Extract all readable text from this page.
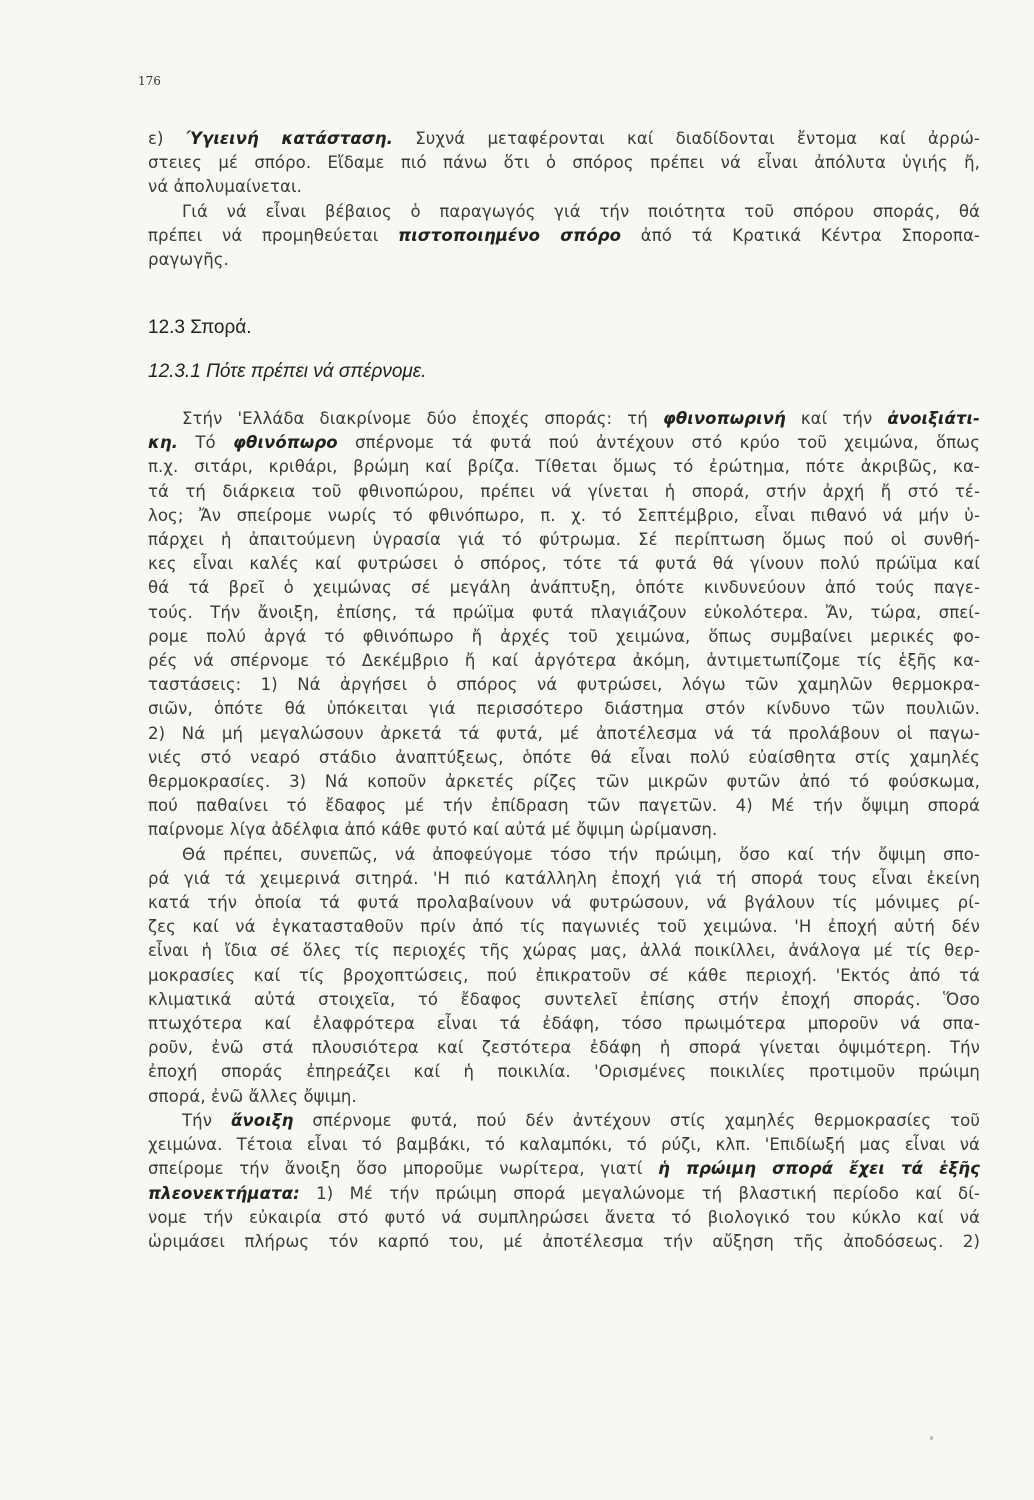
176
ε) Ύγιεινή κατάσταση. Συχνά μεταφέρονται καί διαδίδονται ἔντομα καί ἀρρώ-
στειες μέ σπόρο. Εἴδαμε πιό πάνω ὅτι ὁ σπόρος πρέπει νά εἶναι ἀπόλυτα ὑγιής ἤ,
νά ἀπολυμαίνεται.
Γιά νά εἶναι βέβαιος ὁ παραγωγός γιά τήν ποιότητα τοῦ σπόρου σποράς, θά
πρέπει νά προμηθεύεται πιστοποιημένο σπόρο ἀπό τά Κρατικά Κέντρα Σποροπα-
ραγωγῆς.
12.3 Σπορά.
12.3.1 Πότε πρέπει νά σπέρνομε.
Στήν 'Ελλάδα διακρίνομε δύο ἐποχές σποράς: τή φθινοπωρινή καί τήν ἀνοιξιάτι-
κη. Τό φθινόπωρο σπέρνομε τά φυτά πού ἀντέχουν στό κρύο τοῦ χειμώνα, ὅπως
π.χ. σιτάρι, κριθάρι, βρώμη καί βρίζα. Τίθεται ὅμως τό ἐρώτημα, πότε ἀκριβῶς, κα-
τά τή διάρκεια τοῦ φθινοπώρου, πρέπει νά γίνεται ἡ σπορά, στήν ἀρχή ἤ στό τέ-
λος; Ἄν σπείρομε νωρίς τό φθινόπωρο, π. χ. τό Σεπτέμβριο, εἶναι πιθανό νά μήν ὑ-
πάρχει ἡ ἀπαιτούμενη ὑγρασία γιά τό φύτρωμα. Σέ περίπτωση ὅμως πού οἱ συνθή-
κες εἶναι καλές καί φυτρώσει ὁ σπόρος, τότε τά φυτά θά γίνουν πολύ πρώϊμα καί
θά τά βρεῖ ὁ χειμώνας σέ μεγάλη ἀνάπτυξη, ὁπότε κινδυνεύουν ἀπό τούς παγε-
τούς. Τήν ἄνοιξη, ἐπίσης, τά πρώϊμα φυτά πλαγιάζουν εὐκολότερα. Ἄν, τώρα, σπεί-
ρομε πολύ ἀργά τό φθινόπωρο ἤ ἀρχές τοῦ χειμώνα, ὅπως συμβαίνει μερικές φο-
ρές νά σπέρνομε τό Δεκέμβριο ἤ καί ἀργότερα ἀκόμη, ἀντιμετωπίζομε τίς ἑξῆς κα-
ταστάσεις: 1) Νά ἀργήσει ὁ σπόρος νά φυτρώσει, λόγω τῶν χαμηλῶν θερμοκρα-
σιῶν, ὁπότε θά ὑπόκειται γιά περισσότερο διάστημα στόν κίνδυνο τῶν πουλιῶν.
2) Νά μή μεγαλώσουν ἀρκετά τά φυτά, μέ ἀποτέλεσμα νά τά προλάβουν οἱ παγω-
νιές στό νεαρό στάδιο ἀναπτύξεως, ὁπότε θά εἶναι πολύ εὐαίσθητα στίς χαμηλές
θερμοκρασίες. 3) Νά κοποῦν ἀρκετές ρίζες τῶν μικρῶν φυτῶν ἀπό τό φούσκωμα,
πού παθαίνει τό ἔδαφος μέ τήν ἐπίδραση τῶν παγετῶν. 4) Μέ τήν ὄψιμη σπορά
παίρνομε λίγα ἀδέλφια ἀπό κάθε φυτό καί αὐτά μέ ὄψιμη ὡρίμανση.
Θά πρέπει, συνεπῶς, νά ἀποφεύγομε τόσο τήν πρώιμη, ὅσο καί τήν ὄψιμη σπο-
ρά γιά τά χειμερινά σιτηρά. 'Η πιό κατάλληλη ἐποχή γιά τή σπορά τους εἶναι ἐκείνη
κατά τήν ὁποία τά φυτά προλαβαίνουν νά φυτρώσουν, νά βγάλουν τίς μόνιμες ρί-
ζες καί νά ἐγκατασταθοῦν πρίν ἀπό τίς παγωνιές τοῦ χειμώνα. 'Η ἐποχή αὐτή δέν
εἶναι ἡ ἴδια σέ ὅλες τίς περιοχές τῆς χώρας μας, ἀλλά ποικίλλει, ἀνάλογα μέ τίς θερ-
μοκρασίες καί τίς βροχοπτώσεις, πού ἐπικρατοῦν σέ κάθε περιοχή. 'Εκτός ἀπό τά
κλιματικά αὐτά στοιχεῖα, τό ἔδαφος συντελεῖ ἐπίσης στήν ἐποχή σποράς. Ὅσο
πτωχότερα καί ἐλαφρότερα εἶναι τά ἐδάφη, τόσο πρωιμότερα μποροῦν νά σπα-
ροῦν, ἐνῶ στά πλουσιότερα καί ζεστότερα ἐδάφη ἡ σπορά γίνεται ὀψιμότερη. Τήν
ἐποχή σποράς ἐπηρεάζει καί ἡ ποικιλία. 'Ορισμένες ποικιλίες προτιμοῦν πρώιμη
σπορά, ἐνῶ ἄλλες ὄψιμη.
Τήν ἄνοιξη σπέρνομε φυτά, πού δέν ἀντέχουν στίς χαμηλές θερμοκρασίες τοῦ
χειμώνα. Τέτοια εἶναι τό βαμβάκι, τό καλαμπόκι, τό ρύζι, κλπ. 'Επιδίωξή μας εἶναι νά
σπείρομε τήν ἄνοιξη ὅσο μποροῦμε νωρίτερα, γιατί ἡ πρώιμη σπορά ἔχει τά ἑξῆς
πλεονεκτήματα: 1) Μέ τήν πρώιμη σπορά μεγαλώνομε τή βλαστική περίοδο καί δί-
νομε τήν εὐκαιρία στό φυτό νά συμπληρώσει ἄνετα τό βιολογικό του κύκλο καί νά
ὡριμάσει πλήρως τόν καρπό του, μέ ἀποτέλεσμα τήν αὔξηση τῆς ἀποδόσεως. 2)
